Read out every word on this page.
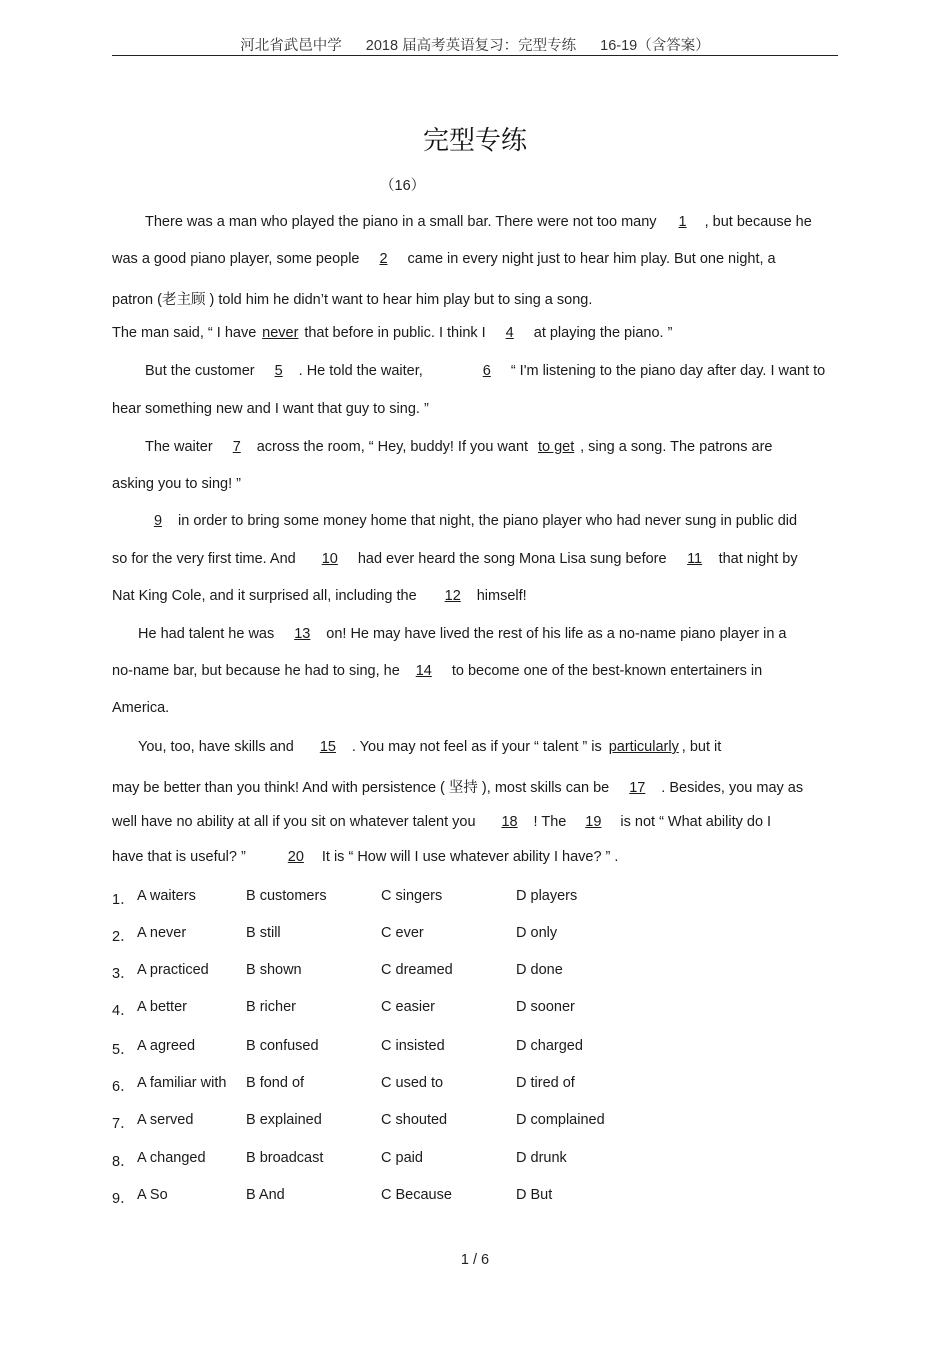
河北省武邑中学 2018 届高考英语复习：完型专练 16-19（含答案）
完型专练
（16）
There was a man who played the piano in a small bar. There were not too many 1 , but because he
was a good piano player, some people 2 came in every night just to hear him play. But one night, a
patron (老主顾 ) told him he didn’t want to hear him play but to sing a song.
The man said, “ I have never that before in public. I think I 4 at playing the piano. ”
But the customer 5 . He told the waiter,	6 “ I'm listening to the piano day after day. I want to
hear something new and I want that guy to sing. ”
The waiter 7 across the room, “ Hey, buddy! If you want to get , sing a song. The patrons are
asking you to sing! ”
9 in order to bring some money home that night, the piano player who had never sung in public did
so for the very first time. And 10 had ever heard the song Mona Lisa sung before 11 that night by
Nat King Cole, and it surprised all, including the 12 himself!
He had talent he was 13 on! He may have lived the rest of his life as a no-name piano player in a
no-name bar, but because he had to sing, he 14 to become one of the best-known entertainers in
America.
You, too, have skills and 15 . You may not feel as if your “ talent ” is particularly , but it
may be better than you think! And with persistence ( 坚持 ), most skills can be 17 . Besides, you may as
well have no ability at all if you sit on whatever talent you 18 ! The 19 is not “ What ability do I
have that is useful? ”	20 It is “ How will I use whatever ability I have? ” .
1． A waiters	B customers	C singers	D players
2． A never	B still	C ever	D only
3． A practiced	B shown	C dreamed	D done
4． A better	B richer	C easier	D sooner
5． A agreed	B confused	C insisted	D charged
6． A familiar with B fond of	C used to	D tired of
7． A served	B explained	C shouted	D complained
8． A changed	B broadcast	C paid	D drunk
9． A So	B And	C Because	D But
1 / 6
